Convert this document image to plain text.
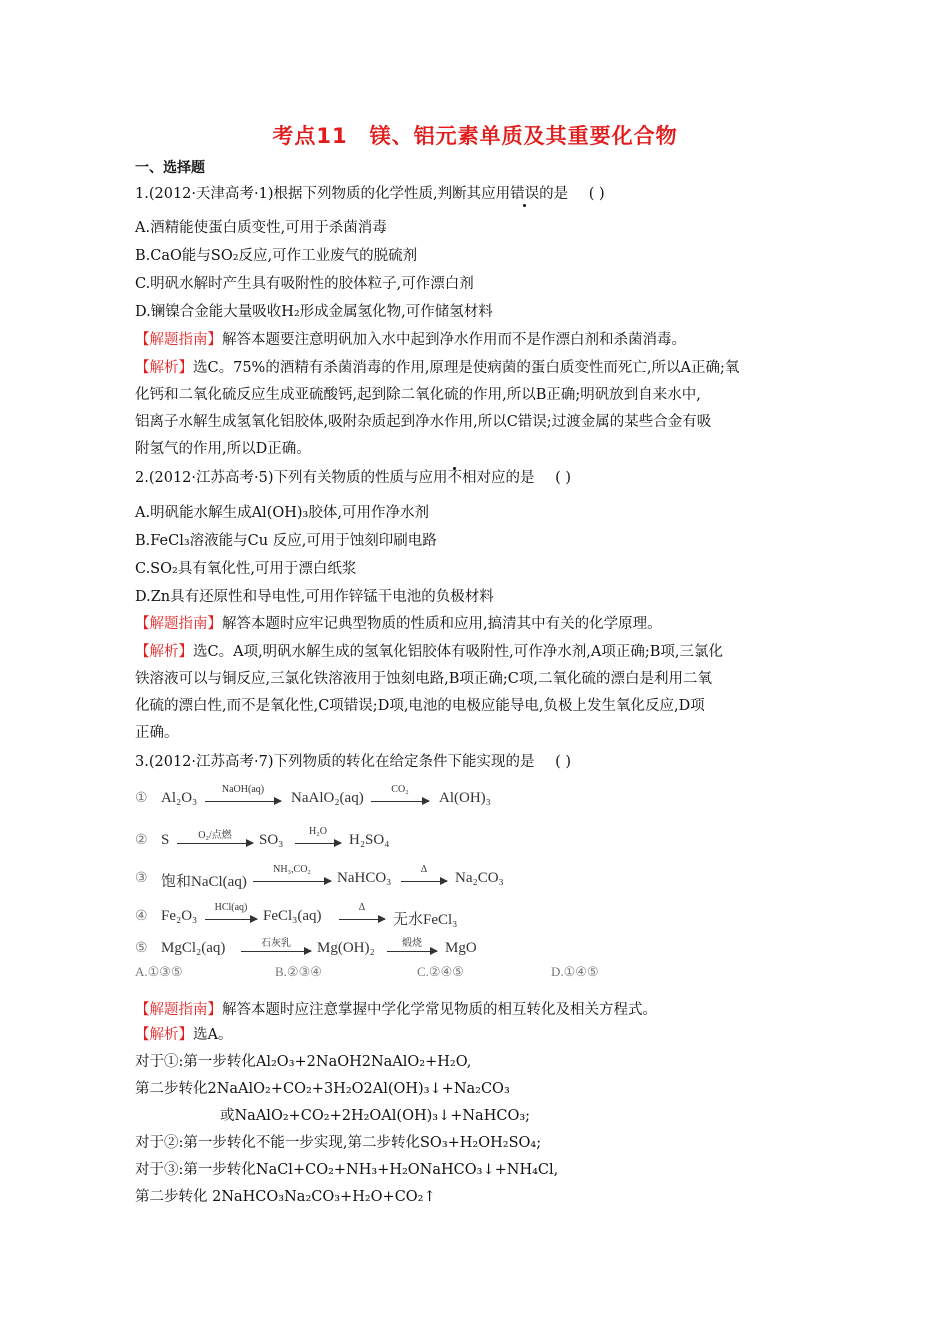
考点11 镁、铝元素单质及其重要化合物
一、选择题
1.(2012·天津高考·1)根据下列物质的化学性质,判断其应用错误的是 ( )
A.酒精能使蛋白质变性,可用于杀菌消毒
B.CaO能与SO₂反应,可作工业废气的脱硫剂
C.明矾水解时产生具有吸附性的胶体粒子,可作漂白剂
D.镧镍合金能大量吸收H₂形成金属氢化物,可作储氢材料
【解题指南】解答本题要注意明矾加入水中起到净水作用而不是作漂白剂和杀菌消毒。
【解析】选C。75%的酒精有杀菌消毒的作用,原理是使病菌的蛋白质变性而死亡,所以A正确;氧
化钙和二氧化硫反应生成亚硫酸钙,起到除二氧化硫的作用,所以B正确;明矾放到自来水中,
铝离子水解生成氢氧化铝胶体,吸附杂质起到净水作用,所以C错误;过渡金属的某些合金有吸
附氢气的作用,所以D正确。
2.(2012·江苏高考·5)下列有关物质的性质与应用不相对应的是 ( )
A.明矾能水解生成Al(OH)₃胶体,可用作净水剂
B.FeCl₃溶液能与Cu 反应,可用于蚀刻印刷电路
C.SO₂具有氧化性,可用于漂白纸浆
D.Zn具有还原性和导电性,可用作锌锰干电池的负极材料
【解题指南】解答本题时应牢记典型物质的性质和应用,搞清其中有关的化学原理。
【解析】选C。A项,明矾水解生成的氢氧化铝胶体有吸附性,可作净水剂,A项正确;B项,三氯化
铁溶液可以与铜反应,三氯化铁溶液用于蚀刻电路,B项正确;C项,二氧化硫的漂白是利用二氧
化硫的漂白性,而不是氧化性,C项错误;D项,电池的电极应能导电,负极上发生氧化反应,D项
正确。
3.(2012·江苏高考·7)下列物质的转化在给定条件下能实现的是 ( )
① Al₂O₃
NaOH(aq)
NaAlO₂(aq)
CO₂
Al(OH)₃
② S	O₂/点燃	SO₃
H₂O
H₂SO₄
③ 饱和NaCl(aq)
NH₃,CO₂
NaHCO₃
Δ
Na₂CO₃
④ Fe₂O₃
HCl(aq)
FeCl₃(aq)
Δ
无水FeCl₃
⑤ MgCl₂(aq)	石灰乳	Mg(OH)₂	煅烧	MgO
A.①③⑤	B.②③④	C.②④⑤	D.①④⑤
【解题指南】解答本题时应注意掌握中学化学常见物质的相互转化及相关方程式。
【解析】选A。
对于①:第一步转化Al₂O₃+2NaOH2NaAlO₂+H₂O,
第二步转化2NaAlO₂+CO₂+3H₂O2Al(OH)₃↓+Na₂CO₃
或NaAlO₂+CO₂+2H₂OAl(OH)₃↓+NaHCO₃;
对于②:第一步转化不能一步实现,第二步转化SO₃+H₂OH₂SO₄;
对于③:第一步转化NaCl+CO₂+NH₃+H₂ONaHCO₃↓+NH₄Cl,
第二步转化 2NaHCO₃Na₂CO₃+H₂O+CO₂↑
